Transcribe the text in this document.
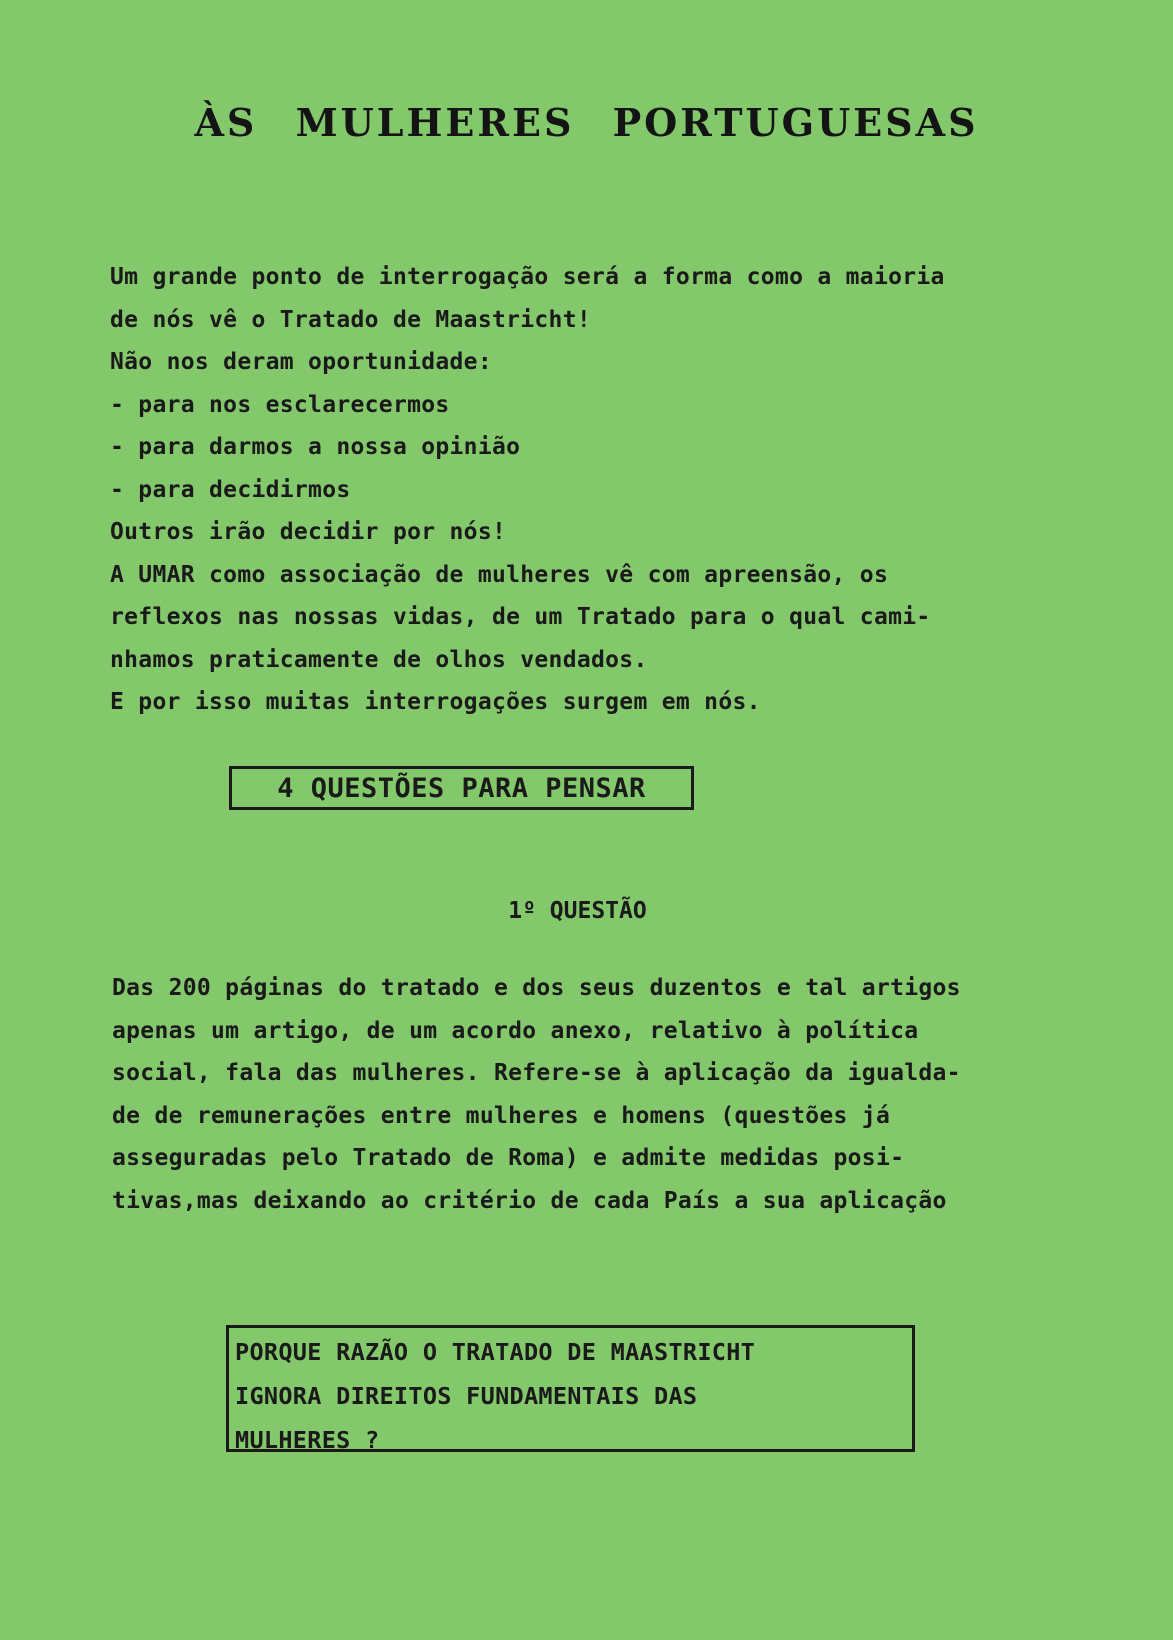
ÀS MULHERES PORTUGUESAS
Um grande ponto de interrogação será a forma como a maioria
de nós vê o Tratado de Maastricht!
Não nos deram oportunidade:
- para nos esclarecermos
- para darmos a nossa opinião
- para decidirmos
Outros irão decidir por nós!
A UMAR como associação de mulheres vê com apreensão, os
reflexos nas nossas vidas, de um Tratado para o qual cami-
nhamos praticamente de olhos vendados.
E por isso muitas interrogações surgem em nós.
4 QUESTÕES PARA PENSAR
1º QUESTÃO
Das 200 páginas do tratado e dos seus duzentos e tal artigos
apenas um artigo, de um acordo anexo, relativo à política
social, fala das mulheres. Refere-se à aplicação da igualda-
de de remunerações entre mulheres e homens (questões já
asseguradas pelo Tratado de Roma) e admite medidas posi-
tivas,mas deixando ao critério de cada País a sua aplicação
PORQUE RAZÃO O TRATADO DE MAASTRICHT
IGNORA DIREITOS FUNDAMENTAIS DAS
MULHERES ?
